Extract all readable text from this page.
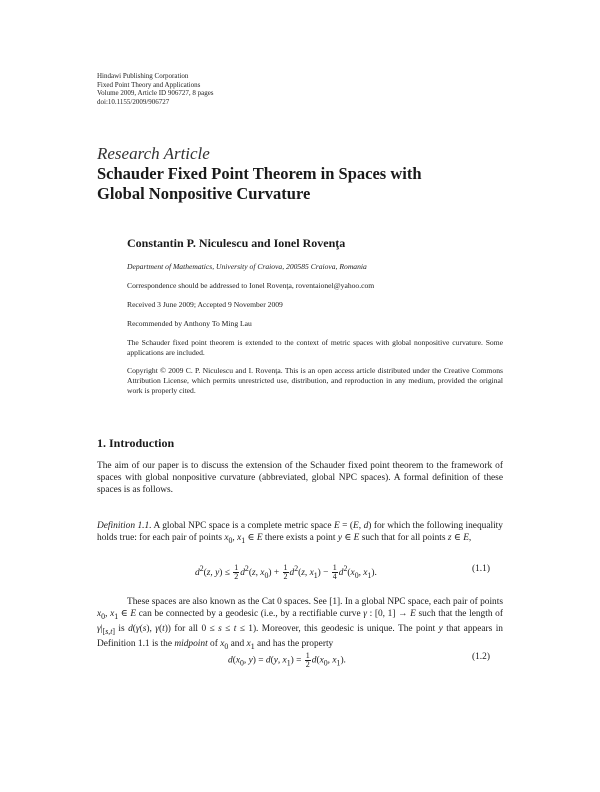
Hindawi Publishing Corporation
Fixed Point Theory and Applications
Volume 2009, Article ID 906727, 8 pages
doi:10.1155/2009/906727
Research Article
Schauder Fixed Point Theorem in Spaces with
Global Nonpositive Curvature
Constantin P. Niculescu and Ionel Rovenţa
Department of Mathematics, University of Craiova, 200585 Craiova, Romania
Correspondence should be addressed to Ionel Rovenţa, roventaionel@yahoo.com
Received 3 June 2009; Accepted 9 November 2009
Recommended by Anthony To Ming Lau
The Schauder fixed point theorem is extended to the context of metric spaces with global nonpositive curvature. Some applications are included.
Copyright © 2009 C. P. Niculescu and I. Rovenţa. This is an open access article distributed under the Creative Commons Attribution License, which permits unrestricted use, distribution, and reproduction in any medium, provided the original work is properly cited.
1. Introduction
The aim of our paper is to discuss the extension of the Schauder fixed point theorem to the framework of spaces with global nonpositive curvature (abbreviated, global NPC spaces). A formal definition of these spaces is as follows.
Definition 1.1. A global NPC space is a complete metric space E = (E, d) for which the following inequality holds true: for each pair of points $x_0$, $x_1$ ∈ E there exists a point y ∈ E such that for all points z ∈ E,
$d^2(z$, $y) \le \frac{1}{2} d^2(z$, $x_0) + \frac{1}{2} d^2(z$, $x_1) - \frac{1}{4} d^2(x_0$, $x_1$).	(1.1)
These spaces are also known as the Cat 0 spaces. See [1]. In a global NPC space, each pair of points $x_0$, $x_1$ ∈ E can be connected by a geodesic (i.e., by a rectifiable curve γ : [0, 1] → E such that the length of $\gamma|_{[s,t]}$ is d(γ(s), γ(t)) for all 0 ≤ s ≤ t ≤ 1). Moreover, this geodesic is unique. The point y that appears in Definition 1.1 is the midpoint of $x_0$ and $x_1$ and has the property
$d(x_0$, y) = d(y, $x_1) = \frac{1}{2} d(x_0$, $x_1$).	(1.2)
